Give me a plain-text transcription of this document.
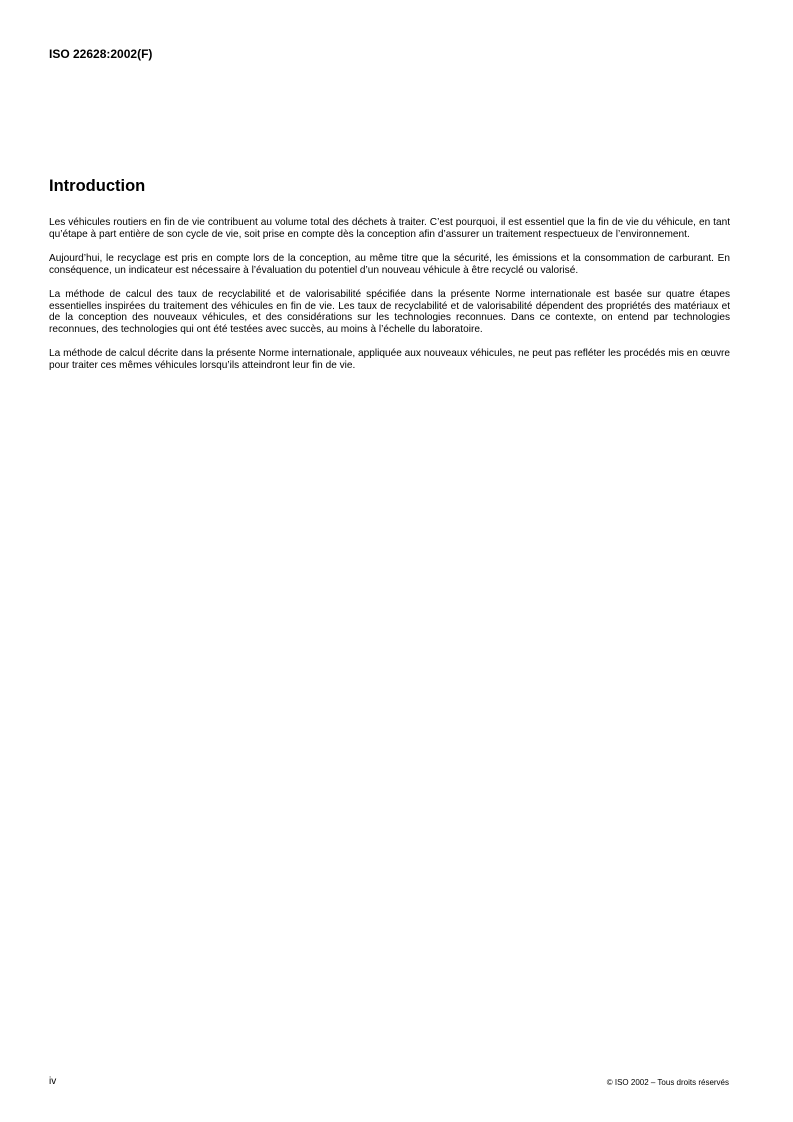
ISO 22628:2002(F)
Introduction

Les véhicules routiers en fin de vie contribuent au volume total des déchets à traiter. C’est pourquoi, il est essentiel que la fin de vie du véhicule, en tant qu’étape à part entière de son cycle de vie, soit prise en compte dès la conception afin d’assurer un traitement respectueux de l’environnement.

Aujourd’hui, le recyclage est pris en compte lors de la conception, au même titre que la sécurité, les émissions et la consommation de carburant. En conséquence, un indicateur est nécessaire à l’évaluation du potentiel d’un nouveau véhicule à être recyclé ou valorisé.

La méthode de calcul des taux de recyclabilité et de valorisabilité spécifiée dans la présente Norme internationale est basée sur quatre étapes essentielles inspirées du traitement des véhicules en fin de vie. Les taux de recyclabilité et de valorisabilité dépendent des propriétés des matériaux et de la conception des nouveaux véhicules, et des considérations sur les technologies reconnues. Dans ce contexte, on entend par technologies reconnues, des technologies qui ont été testées avec succès, au moins à l’échelle du laboratoire.

La méthode de calcul décrite dans la présente Norme internationale, appliquée aux nouveaux véhicules, ne peut pas refléter les procédés mis en œuvre pour traiter ces mêmes véhicules lorsqu’ils atteindront leur fin de vie.

iv	© ISO 2002 – Tous droits réservés
